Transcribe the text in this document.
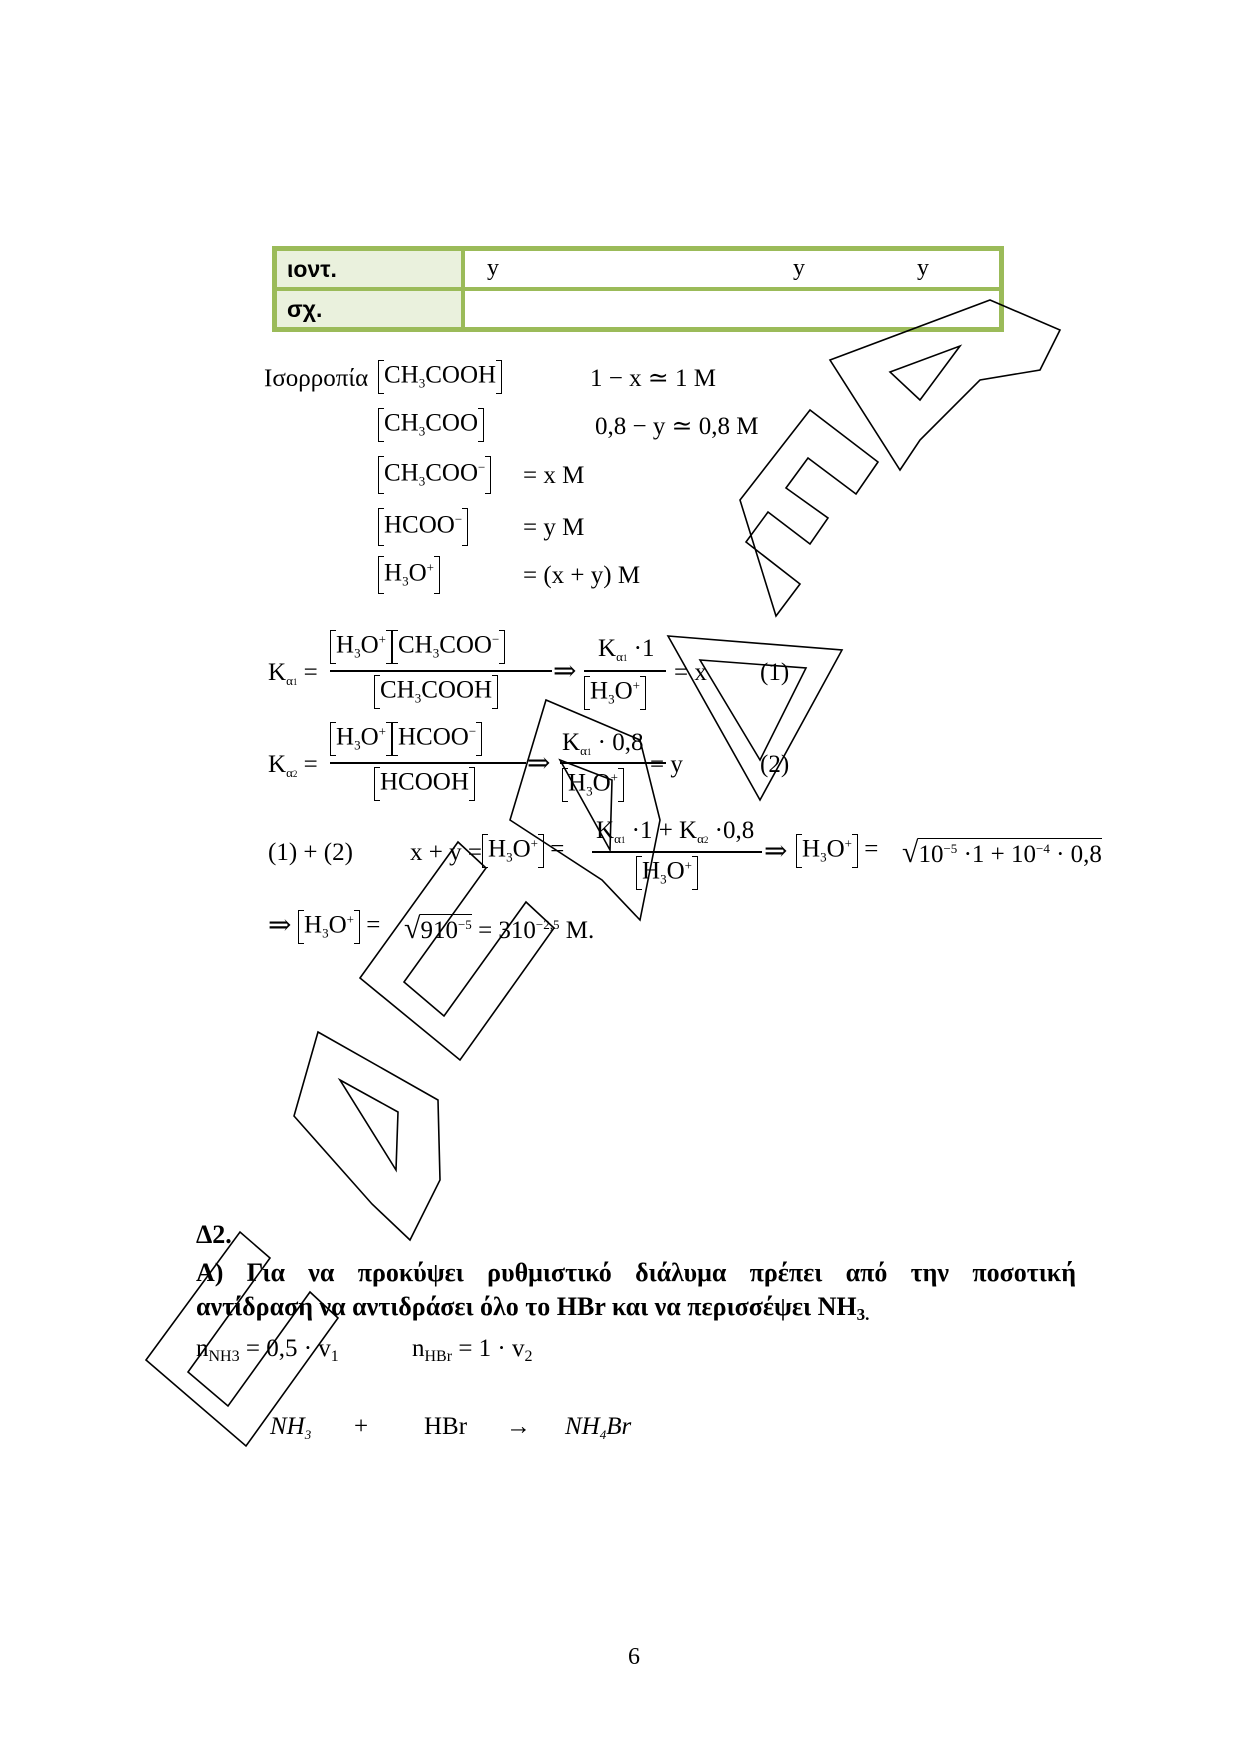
ιοντ.	y y y

σχ.	
Ισορροπία $CH_3COOH$	1 − x ≃ 1 M
$CH_3COO$	0,8 − y ≃ 0,8 M
$CH_3COO^- = x$ M
HCOO− = y M
$H_3O^+$	= (x + y) M
$K_{\alpha 1}$ =
$H_3O^+$ $CH_3COO^-$
$CH_3COOH$
⇒
$K_{\alpha 1} \cdot 1$
$H_3O^+ = x$ (1)
$K_{\alpha 2}$ =
$H_3O^+$ HCOO−
HCOOH
⇒
$K_{\alpha 1} \cdot 0,8$
$H_3O^+ = y$	(2)
(1) + (2) $x + y = H_3O^+$ =
$K_{\alpha 1} \cdot 1 + K_{\alpha 2} \cdot 0,8$
$H_3O^+$	⇒ $H_3O^+ = √10^{-5} \cdot 1 + 10^{-4} \cdot 0,8$
⇒ $H_3O^+ = √910^{-5} = 310^{-2,5}$ M.
Δ2.
Α) Για να προκύψει ρυθμιστικό διάλυμα πρέπει από την ποσοτική
αντίδραση να αντιδράσει όλο το HBr και να περισσέψει $NH_{3.}$
$n_{NH3} = 0,5 \cdot v_1$	$n_{HBr} = 1 \cdot v_2$
$NH_3$ + HBr → $NH_4Br$
6
